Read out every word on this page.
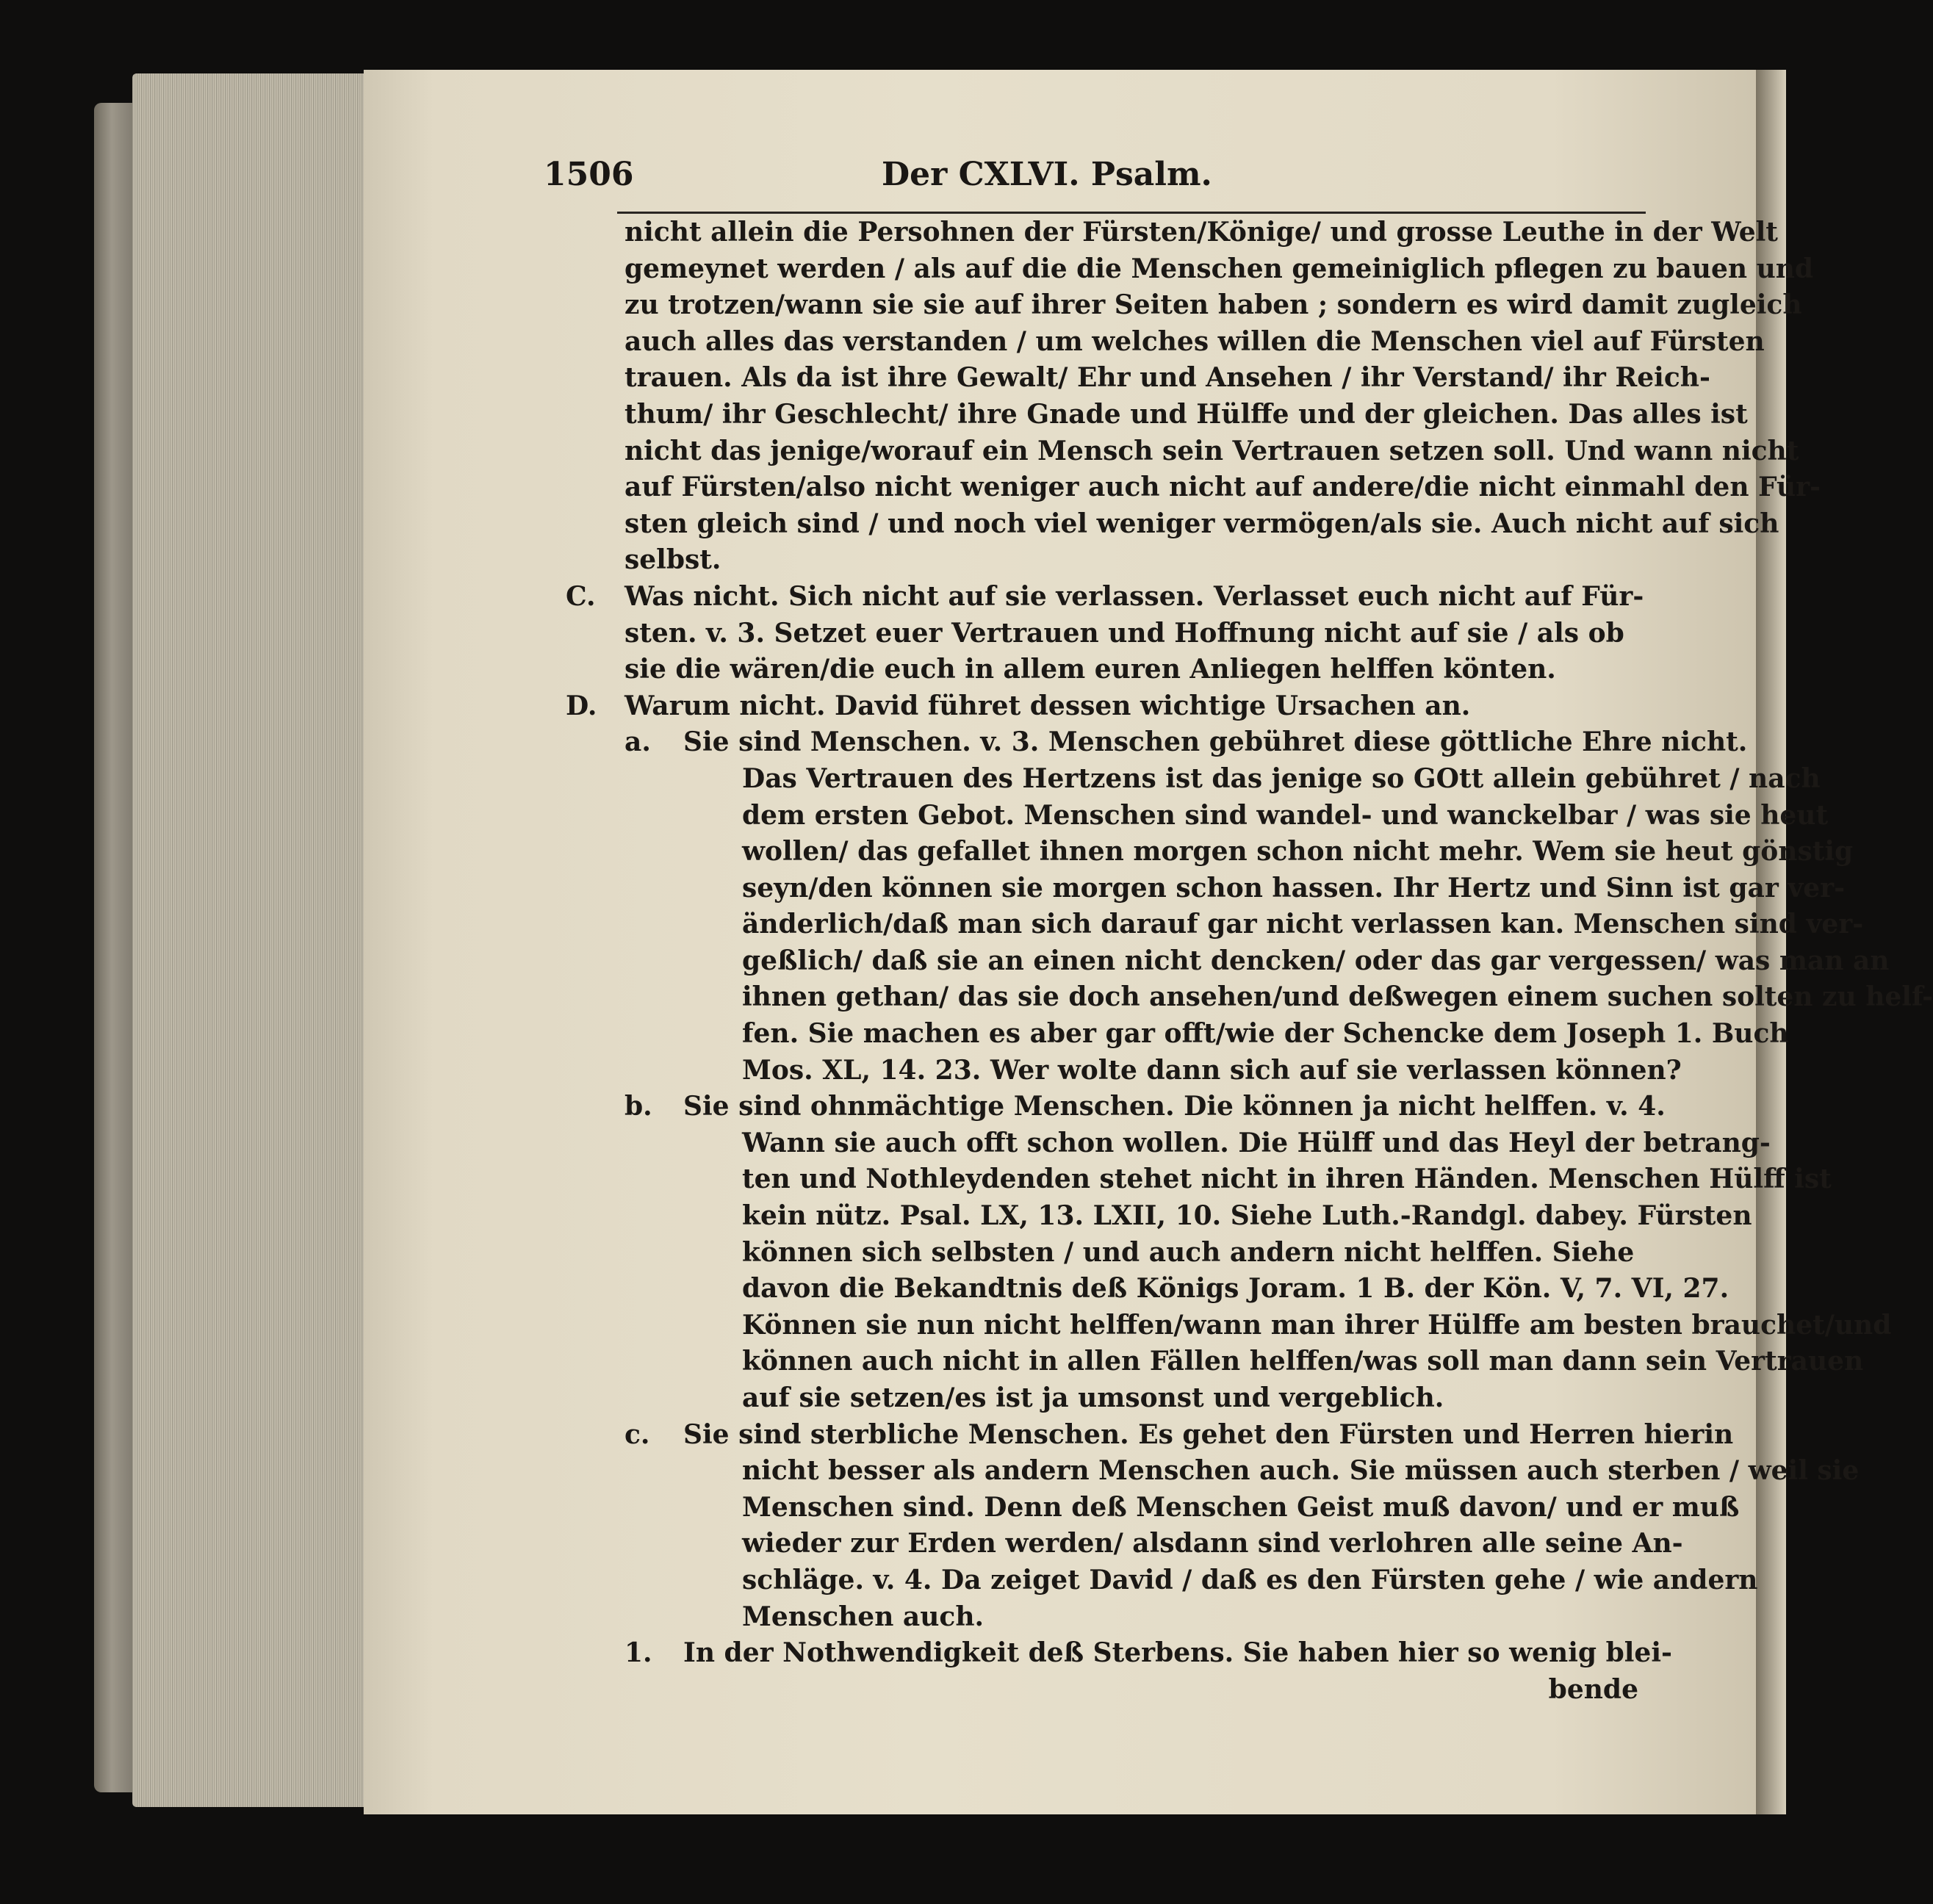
1506	Der CXLVI. Psalm.
nicht allein die Persohnen der Fürsten/Könige/ und grosse Leuthe in der Welt
gemeynet werden / als auf die die Menschen gemeiniglich pflegen zu bauen und
zu trotzen/wann sie sie auf ihrer Seiten haben ; sondern es wird damit zugleich
auch alles das verstanden / um welches willen die Menschen viel auf Fürsten
trauen. Als da ist ihre Gewalt/ Ehr und Ansehen / ihr Verstand/ ihr Reich-
thum/ ihr Geschlecht/ ihre Gnade und Hülffe und der gleichen. Das alles ist
nicht das jenige/worauf ein Mensch sein Vertrauen setzen soll. Und wann nicht
auf Fürsten/also nicht weniger auch nicht auf andere/die nicht einmahl den Für-
sten gleich sind / und noch viel weniger vermögen/als sie. Auch nicht auf sich
selbst.
C. Was nicht. Sich nicht auf sie verlassen. Verlasset euch nicht auf Für-
sten. v. 3. Setzet euer Vertrauen und Hoffnung nicht auf sie / als ob
sie die wären/die euch in allem euren Anliegen helffen könten.
D. Warum nicht. David führet dessen wichtige Ursachen an.
a. Sie sind Menschen. v. 3. Menschen gebühret diese göttliche Ehre nicht.
Das Vertrauen des Hertzens ist das jenige so GOtt allein gebühret / nach
dem ersten Gebot. Menschen sind wandel- und wanckelbar / was sie heut
wollen/ das gefallet ihnen morgen schon nicht mehr. Wem sie heut gönstig
seyn/den können sie morgen schon hassen. Ihr Hertz und Sinn ist gar ver-
änderlich/daß man sich darauf gar nicht verlassen kan. Menschen sind ver-
geßlich/ daß sie an einen nicht dencken/ oder das gar vergessen/ was man an
ihnen gethan/ das sie doch ansehen/und deßwegen einem suchen solten zu helf-
fen. Sie machen es aber gar offt/wie der Schencke dem Joseph 1. Buch
Mos. XL, 14. 23. Wer wolte dann sich auf sie verlassen können?
b. Sie sind ohnmächtige Menschen. Die können ja nicht helffen. v. 4.
Wann sie auch offt schon wollen. Die Hülff und das Heyl der betrang-
ten und Nothleydenden stehet nicht in ihren Händen. Menschen Hülff ist
kein nütz. Psal. LX, 13. LXII, 10. Siehe Luth.-Randgl. dabey. Fürsten
können sich selbsten / und auch andern nicht helffen. Siehe
davon die Bekandtnis deß Königs Joram. 1 B. der Kön. V, 7. VI, 27.
Können sie nun nicht helffen/wann man ihrer Hülffe am besten brauchet/und
können auch nicht in allen Fällen helffen/was soll man dann sein Vertrauen
auf sie setzen/es ist ja umsonst und vergeblich.
c. Sie sind sterbliche Menschen. Es gehet den Fürsten und Herren hierin
nicht besser als andern Menschen auch. Sie müssen auch sterben / weil sie
Menschen sind. Denn deß Menschen Geist muß davon/ und er muß
wieder zur Erden werden/ alsdann sind verlohren alle seine An-
schläge. v. 4. Da zeiget David / daß es den Fürsten gehe / wie andern
Menschen auch.
1. In der Nothwendigkeit deß Sterbens. Sie haben hier so wenig blei-
bende
